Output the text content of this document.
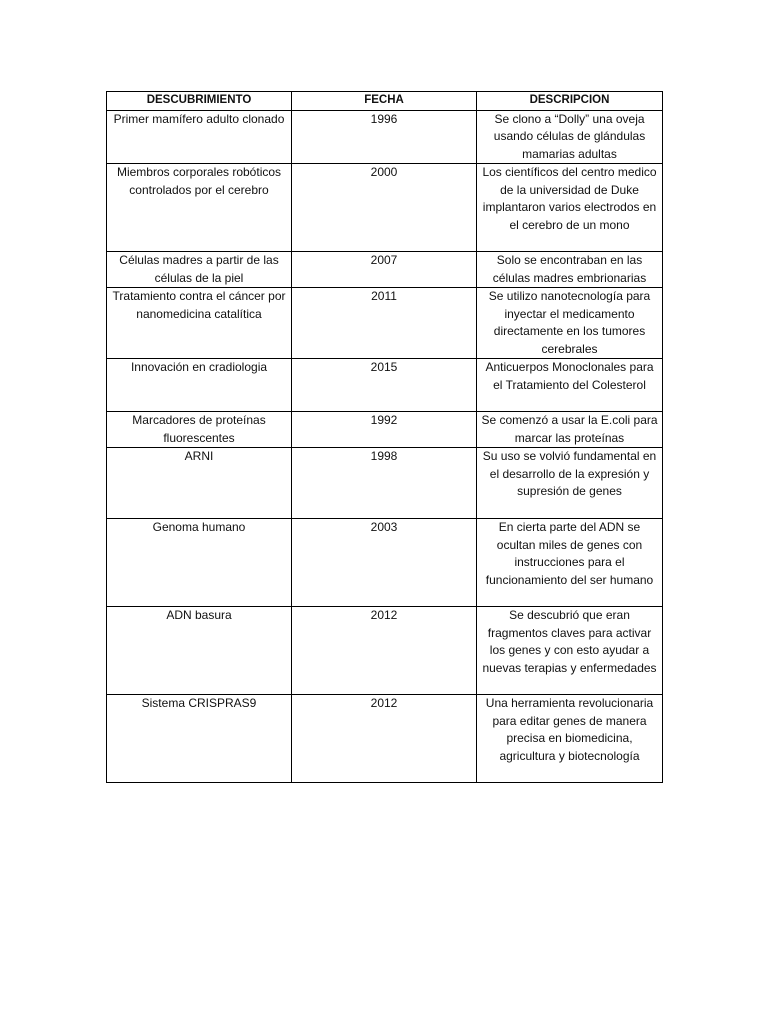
DESCUBRIMIENTO	FECHA	DESCRIPCION
Primer mamífero adulto clonado	1996	Se clono a “Dolly” una oveja usando células de glándulas mamarias adultas
Miembros corporales robóticos controlados por el cerebro	2000	Los científicos del centro medico de la universidad de Duke implantaron varios electrodos en el cerebro de un mono
Células madres a partir de las células de la piel	2007	Solo se encontraban en las células madres embrionarias
Tratamiento contra el cáncer por nanomedicina catalítica	2011	Se utilizo nanotecnología para inyectar el medicamento directamente en los tumores cerebrales
Innovación en cradiologia	2015	Anticuerpos Monoclonales para el Tratamiento del Colesterol
Marcadores de proteínas fluorescentes	1992	Se comenzó a usar la E.coli para marcar las proteínas
ARNI	1998	Su uso se volvió fundamental en el desarrollo de la expresión y supresión de genes
Genoma humano	2003	En cierta parte del ADN se ocultan miles de genes con instrucciones para el funcionamiento del ser humano
ADN basura	2012	Se descubrió que eran fragmentos claves para activar los genes y con esto ayudar a nuevas terapias y enfermedades
Sistema CRISPRAS9	2012	Una herramienta revolucionaria para editar genes de manera precisa en biomedicina, agricultura y biotecnología
